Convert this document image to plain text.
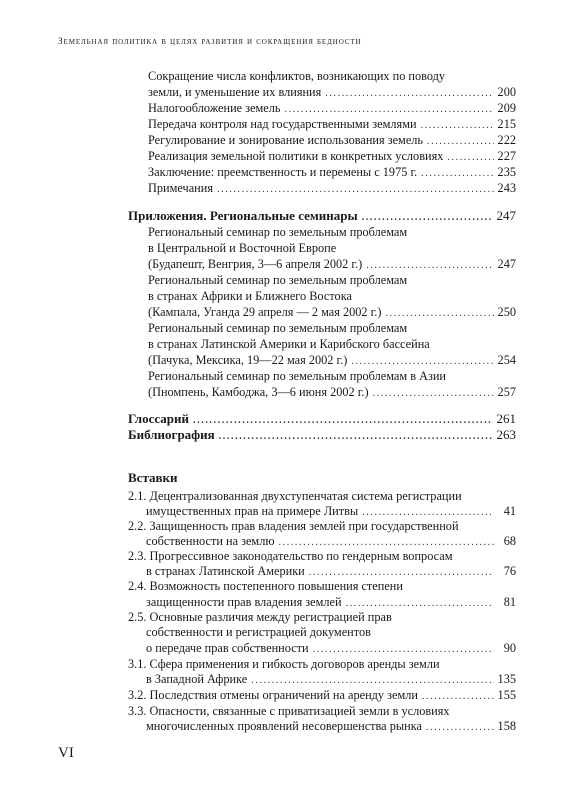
Земельная политика в целях развития и сокращения бедности
Сокращение числа конфликтов, возникающих по поводу
земли, и уменьшение их влияния .....	200
Налогообложение земель .....	209
Передача контроля над государственными землями .....	215
Регулирование и зонирование использования земель .....	222
Реализация земельной политики в конкретных условиях .....	227
Заключение: преемственность и перемены с 1975 г. .....	235
Примечания .....	243
Приложения. Региональные семинары .....	247
Региональный семинар по земельным проблемам
в Центральной и Восточной Европе
(Будапешт, Венгрия, 3—6 апреля 2002 г.) .....	247
Региональный семинар по земельным проблемам
в странах Африки и Ближнего Востока
(Кампала, Уганда 29 апреля — 2 мая 2002 г.) .....	250
Региональный семинар по земельным проблемам
в странах Латинской Америки и Карибского бассейна
(Пачука, Мексика, 19—22 мая 2002 г.) .....	254
Региональный семинар по земельным проблемам в Азии
(Пномпень, Камбоджа, 3—6 июня 2002 г.) .....	257
Глоссарий .....	261
Библиография .....	263
Вставки
2.1. Децентрализованная двухступенчатая система регистрации
имущественных прав на примере Литвы .....	41
2.2. Защищенность прав владения землей при государственной
собственности на землю .....	68
2.3. Прогрессивное законодательство по гендерным вопросам
в странах Латинской Америки .....	76
2.4. Возможность постепенного повышения степени
защищенности прав владения землей .....	81
2.5. Основные различия между регистрацией прав
собственности и регистрацией документов
о передаче прав собственности .....	90
3.1. Сфера применения и гибкость договоров аренды земли
в Западной Африке .....	135
3.2. Последствия отмены ограничений на аренду земли .....	155
3.3. Опасности, связанные с приватизацией земли в условиях
многочисленных проявлений несовершенства рынка .....	158
VI
